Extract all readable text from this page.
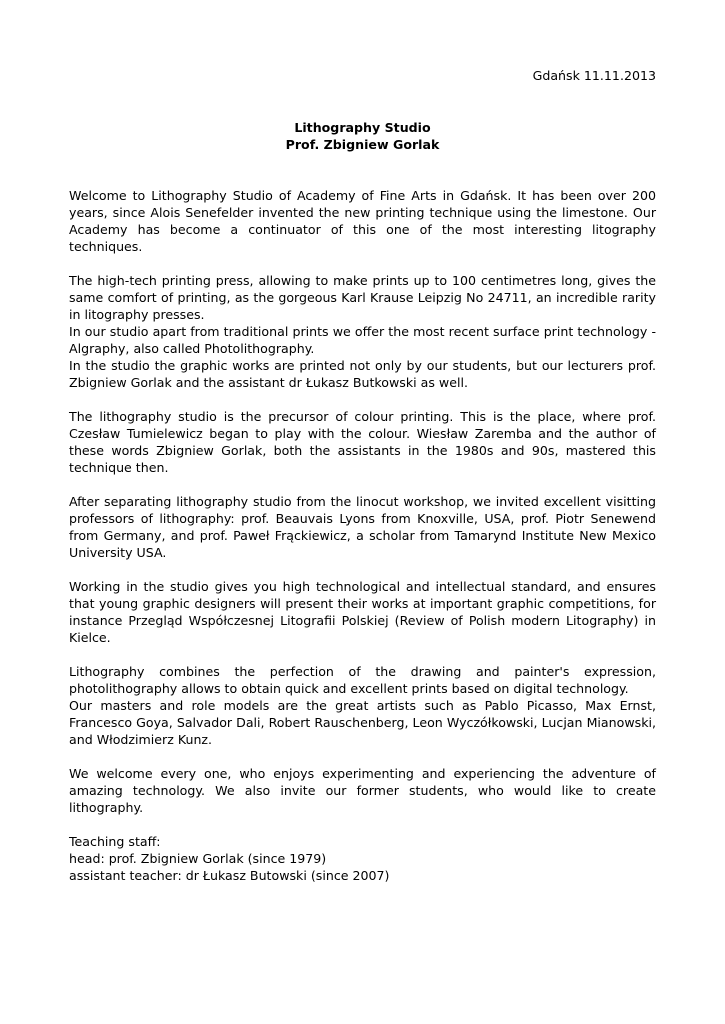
Gdańsk 11.11.2013
Lithography Studio
Prof. Zbigniew Gorlak

Welcome to Lithography Studio of Academy of Fine Arts in Gdańsk. It has been over 200 years, since Alois Senefelder invented the new printing technique using the limestone. Our Academy has become a continuator of this one of the most interesting litography techniques.

The high-tech printing press, allowing to make prints up to 100 centimetres long, gives the same comfort of printing, as the gorgeous Karl Krause Leipzig No 24711, an incredible rarity in litography presses.

In our studio apart from traditional prints we offer the most recent surface print technology - Algraphy, also called Photolithography.

In the studio the graphic works are printed not only by our students, but our lecturers prof. Zbigniew Gorlak and the assistant dr Łukasz Butkowski as well.

The lithography studio is the precursor of colour printing. This is the place, where prof. Czesław Tumielewicz began to play with the colour. Wiesław Zaremba and the author of these words Zbigniew Gorlak, both the assistants in the 1980s and 90s, mastered this technique then.

After separating lithography studio from the linocut workshop, we invited excellent visitting professors of lithography: prof. Beauvais Lyons from Knoxville, USA, prof. Piotr Senewend from Germany, and prof. Paweł Frąckiewicz, a scholar from Tamarynd Institute New Mexico University USA.

Working in the studio gives you high technological and intellectual standard, and ensures that young graphic designers will present their works at important graphic competitions, for instance Przegląd Współczesnej Litografii Polskiej (Review of Polish modern Litography) in Kielce.

Lithography combines the perfection of the drawing and painter's expression, photolithography allows to obtain quick and excellent prints based on digital technology.

Our masters and role models are the great artists such as Pablo Picasso, Max Ernst, Francesco Goya, Salvador Dali, Robert Rauschenberg, Leon Wyczółkowski, Lucjan Mianowski, and Włodzimierz Kunz.

We welcome every one, who enjoys experimenting and experiencing the adventure of amazing technology. We also invite our former students, who would like to create lithography.

Teaching staff:
head: prof. Zbigniew Gorlak (since 1979)
assistant teacher: dr Łukasz Butowski (since 2007)
